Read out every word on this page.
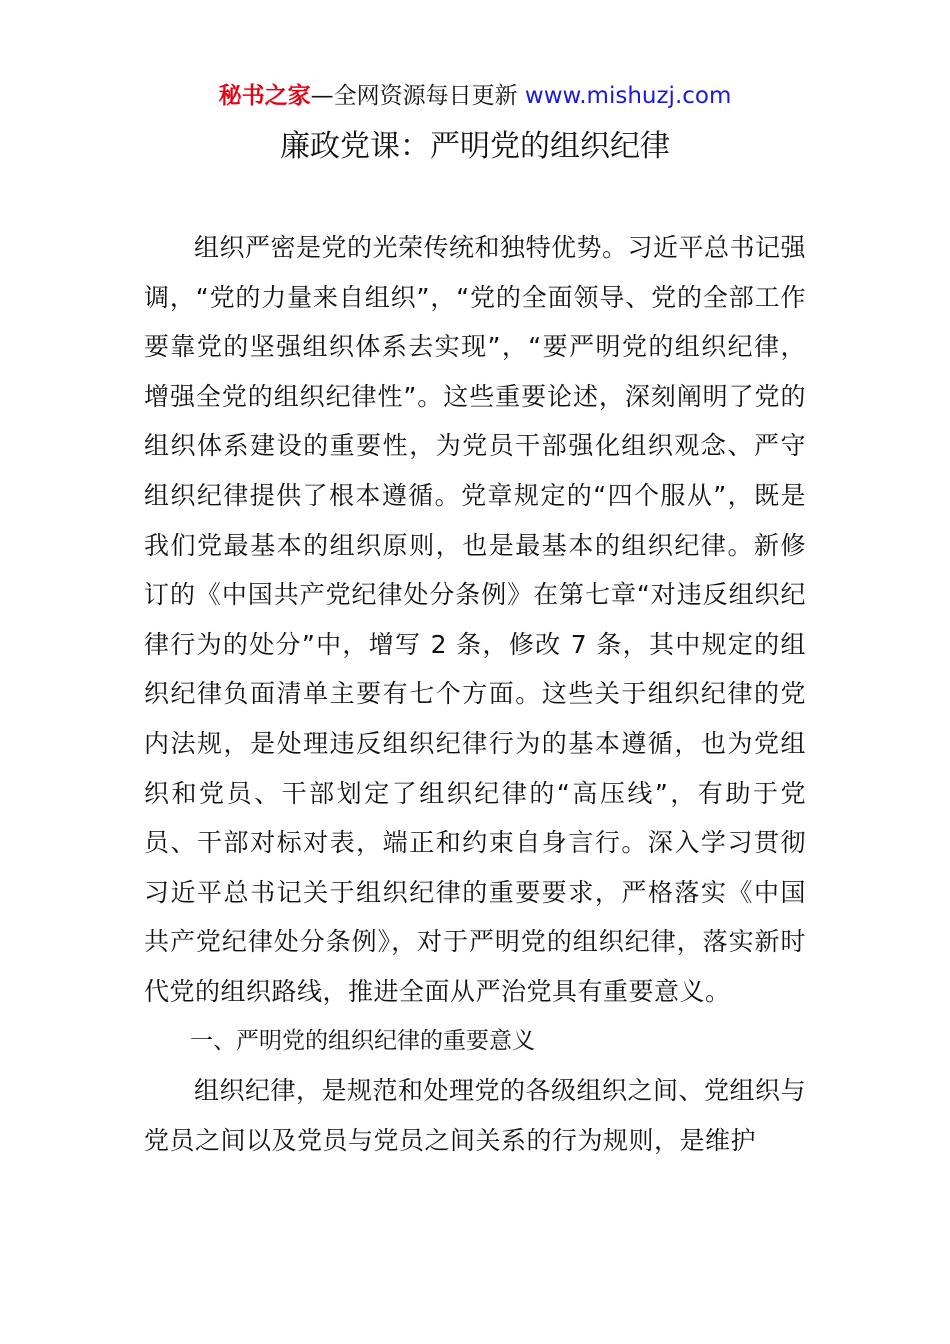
秘书之家—全网资源每日更新 www.mishuzj.com
廉政党课：严明党的组织纪律

组织严密是党的光荣传统和独特优势。习近平总书记强调，“党的力量来自组织”，“党的全面领导、党的全部工作要靠党的坚强组织体系去实现”，“要严明党的组织纪律，增强全党的组织纪律性”。这些重要论述，深刻阐明了党的组织体系建设的重要性，为党员干部强化组织观念、严守组织纪律提供了根本遵循。党章规定的“四个服从”，既是我们党最基本的组织原则，也是最基本的组织纪律。新修订的《中国共产党纪律处分条例》在第七章“对违反组织纪律行为的处分”中，增写 2 条，修改 7 条，其中规定的组织纪律负面清单主要有七个方面。这些关于组织纪律的党内法规，是处理违反组织纪律行为的基本遵循，也为党组织和党员、干部划定了组织纪律的“高压线”，有助于党员、干部对标对表，端正和约束自身言行。深入学习贯彻习近平总书记关于组织纪律的重要要求，严格落实《中国共产党纪律处分条例》，对于严明党的组织纪律，落实新时代党的组织路线，推进全面从严治党具有重要意义。

一、严明党的组织纪律的重要意义

组织纪律，是规范和处理党的各级组织之间、党组织与党员之间以及党员与党员之间关系的行为规则，是维护
